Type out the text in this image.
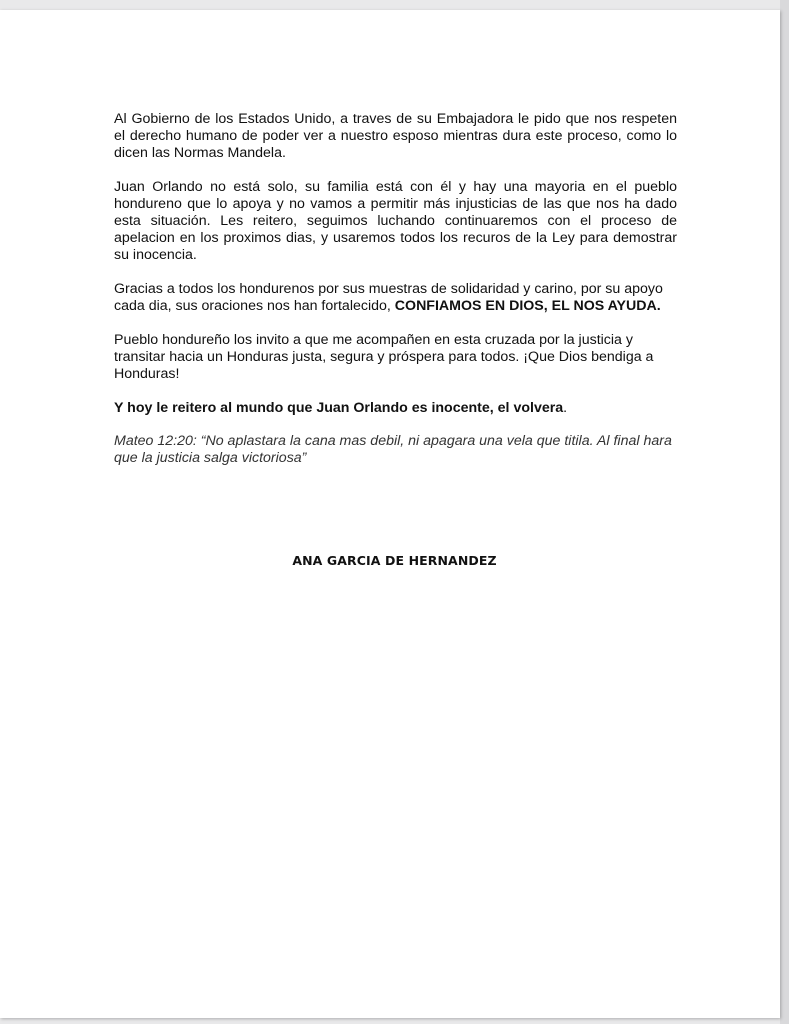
Al Gobierno de los Estados Unido, a traves de su Embajadora le pido que nos respeten el derecho humano de poder ver a nuestro esposo mientras dura este proceso, como lo dicen las Normas Mandela.

Juan Orlando no está solo, su familia está con él y hay una mayoria en el pueblo hondureno que lo apoya y no vamos a permitir más injusticias de las que nos ha dado esta situación. Les reitero, seguimos luchando continuaremos con el proceso de apelacion en los proximos dias, y usaremos todos los recuros de la Ley para demostrar su inocencia.

Gracias a todos los hondurenos por sus muestras de solidaridad y carino, por su apoyo cada dia, sus oraciones nos han fortalecido, CONFIAMOS EN DIOS, EL NOS AYUDA.

Pueblo hondureño los invito a que me acompañen en esta cruzada por la justicia y transitar hacia un Honduras justa, segura y próspera para todos. ¡Que Dios bendiga a Honduras!

Y hoy le reitero al mundo que Juan Orlando es inocente, el volvera.

Mateo 12:20: “No aplastara la cana mas debil, ni apagara una vela que titila. Al final hara que la justicia salga victoriosa”

ANA GARCIA DE HERNANDEZ
